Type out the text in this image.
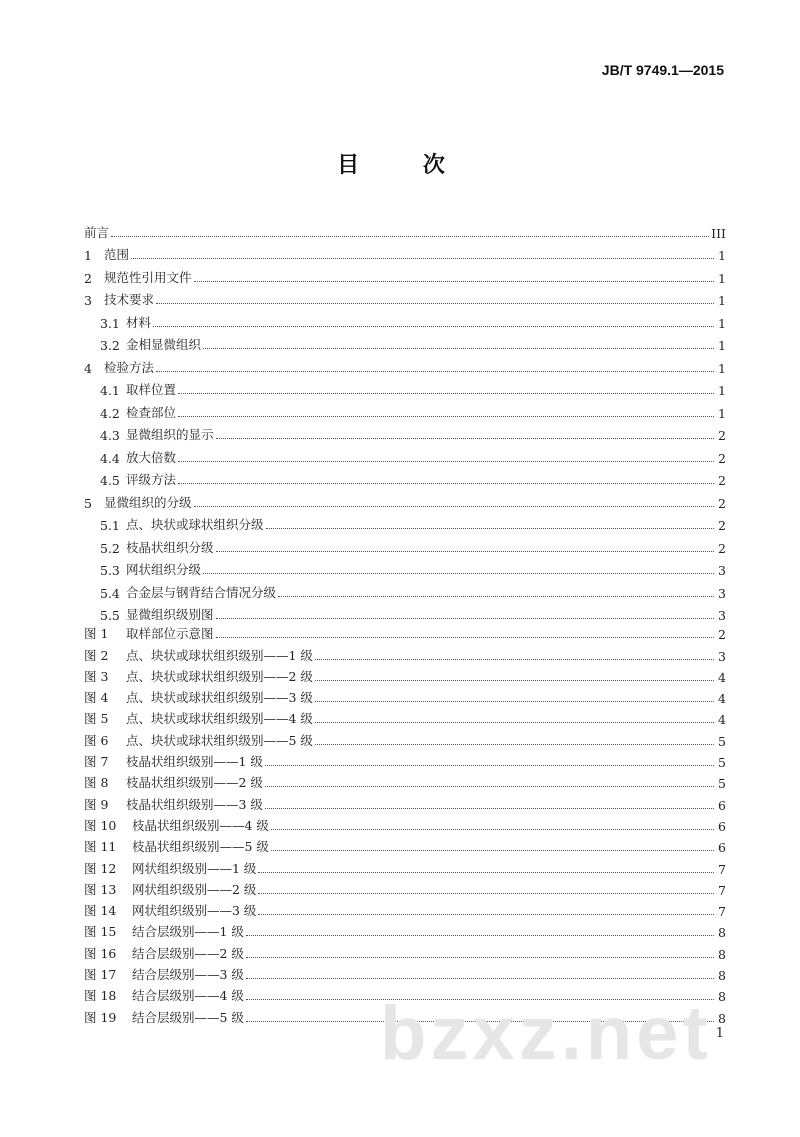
JB/T 9749.1—2015
目 次
前言	III
1 范围	1
2 规范性引用文件	1
3 技术要求	1
3.1 材料	1
3.2 金相显微组织	1
4 检验方法	1
4.1 取样位置	1
4.2 检查部位	1
4.3 显微组织的显示	2
4.4 放大倍数	2
4.5 评级方法	2
5 显微组织的分级	2
5.1 点、块状或球状组织分级	2
5.2 枝晶状组织分级	2
5.3 网状组织分级	3
5.4 合金层与钢背结合情况分级	3
5.5 显微组织级别图	3
图 1	取样部位示意图	2
图 2	点、块状或球状组织级别——1 级	3
图 3	点、块状或球状组织级别——2 级	4
图 4	点、块状或球状组织级别——3 级	4
图 5	点、块状或球状组织级别——4 级	4
图 6	点、块状或球状组织级别——5 级	5
图 7	枝晶状组织级别——1 级	5
图 8	枝晶状组织级别——2 级	5
图 9	枝晶状组织级别——3 级	6
图 10	枝晶状组织级别——4 级	6
图 11	枝晶状组织级别——5 级	6
图 12	网状组织级别——1 级	7
图 13	网状组织级别——2 级	7
图 14	网状组织级别——3 级	7
图 15	结合层级别——1 级	8
图 16	结合层级别——2 级	8
图 17	结合层级别——3 级	8
图 18	结合层级别——4 级	8
图 19	结合层级别——5 级	8
bzxz.net 1
